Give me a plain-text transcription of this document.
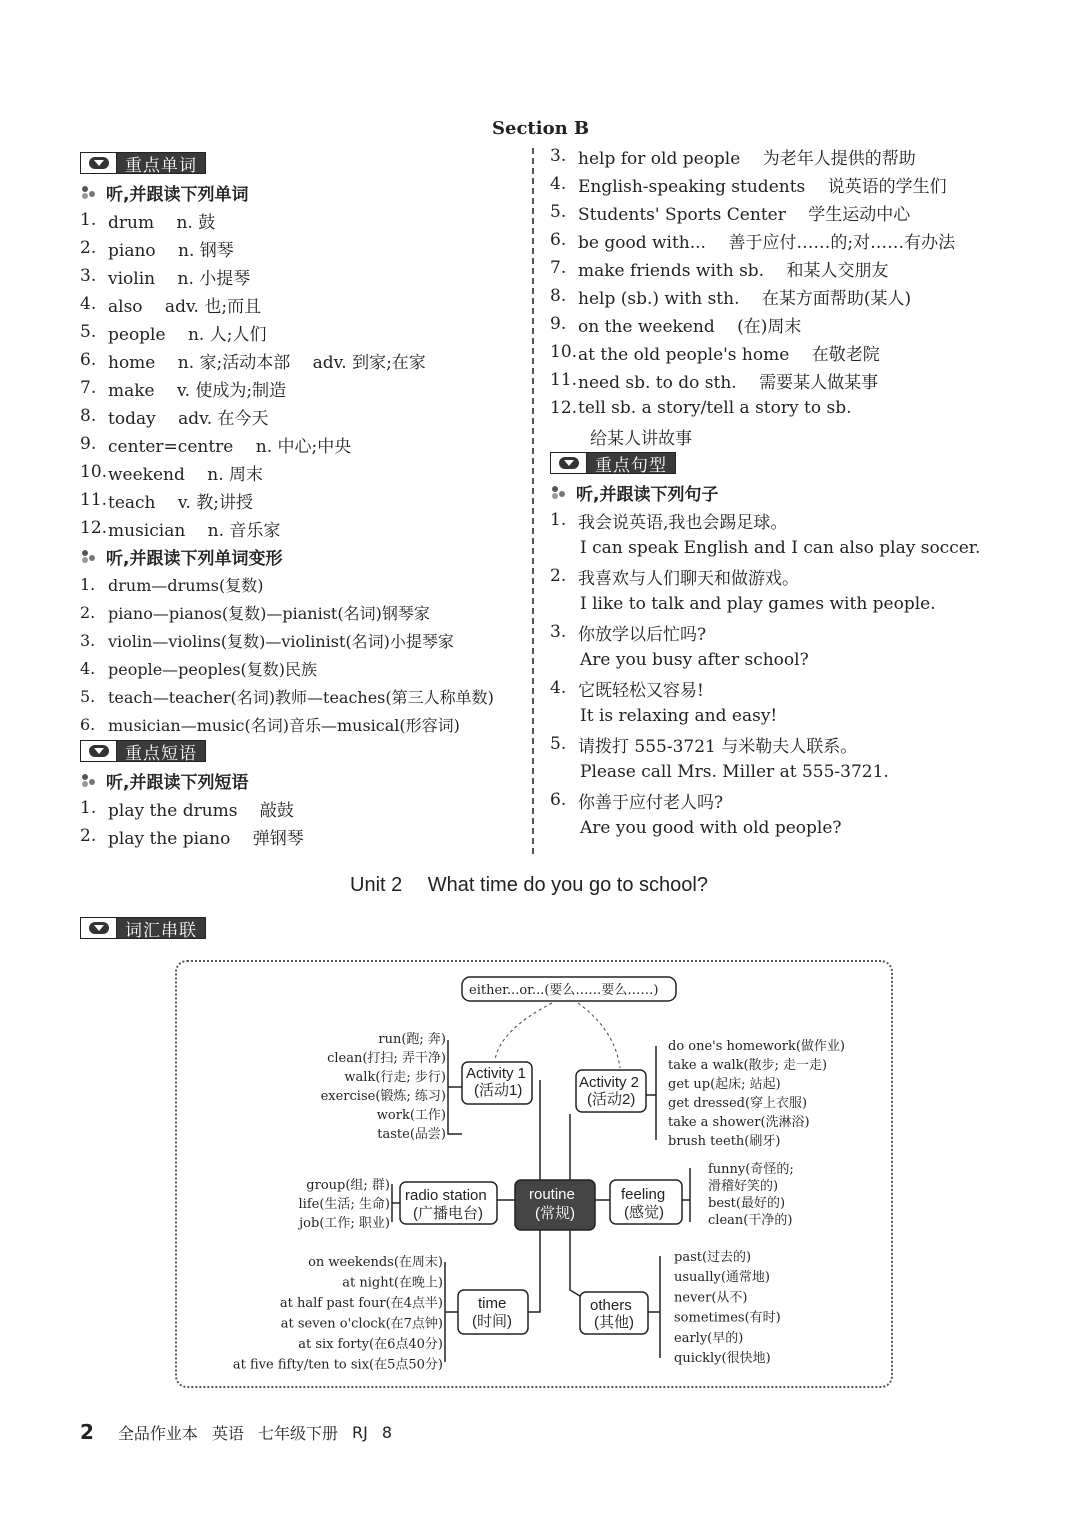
Section B
重点单词
听,并跟读下列单词
1. drum　 n. 鼓
2. piano　 n. 钢琴
3. violin　 n. 小提琴
4. also　 adv. 也;而且
5. people　 n. 人;人们
6. home　 n. 家;活动本部　 adv. 到家;在家
7. make　 v. 使成为;制造
8. today　 adv. 在今天
9. center=centre　 n. 中心;中央
10. weekend　 n. 周末
11. teach　 v. 教;讲授
12. musician　 n. 音乐家
听,并跟读下列单词变形
1. drum—drums(复数)
2. piano—pianos(复数)—pianist(名词)钢琴家
3. violin—violins(复数)—violinist(名词)小提琴家
4. people—peoples(复数)民族
5. teach—teacher(名词)教师—teaches(第三人称单数)
6. musician—music(名词)音乐—musical(形容词)
重点短语
听,并跟读下列短语
1. play the drums　 敲鼓
2. play the piano　 弹钢琴
3. help for old people　 为老年人提供的帮助
4. English-speaking students　 说英语的学生们
5. Students' Sports Center　 学生运动中心
6. be good with...　 善于应付……的;对……有办法
7. make friends with sb.　 和某人交朋友
8. help (sb.) with sth.　 在某方面帮助(某人)
9. on the weekend　 (在)周末
10. at the old people's home　 在敬老院
11. need sb. to do sth.　 需要某人做某事
12. tell sb. a story/tell a story to sb.
给某人讲故事
重点句型
听,并跟读下列句子
1. 我会说英语,我也会踢足球。
I can speak English and I can also play soccer.
2. 我喜欢与人们聊天和做游戏。
I like to talk and play games with people.
3. 你放学以后忙吗?
Are you busy after school?
4. 它既轻松又容易!
It is relaxing and easy!
5. 请拨打 555-3721 与米勒夫人联系。
Please call Mrs. Miller at 555-3721.
6. 你善于应付老人吗?
Are you good with old people?
Unit 2　 What time do you go to school?
词汇串联
either...or...(要么……要么……)
Activity 1
(活动1)	Activity 2
(活动2)
routine
(常规)
radio station
(广播电台)
feeling
(感觉)
time
(时间)
others
(其他)
run(跑; 奔)
clean(打扫; 弄干净)
walk(行走; 步行)
exercise(锻炼; 练习)
work(工作)
taste(品尝)
do one's homework(做作业)
take a walk(散步; 走一走)
get up(起床; 站起)
get dressed(穿上衣服)
take a shower(洗淋浴)
brush teeth(刷牙)
group(组; 群)
life(生活; 生命)
job(工作; 职业)
funny(奇怪的;
滑稽好笑的)
best(最好的)
clean(干净的)
on weekends(在周末)
at night(在晚上)
at half past four(在4点半)
at seven o'clock(在7点钟)
at six forty(在6点40分)
at five fifty/ten to six(在5点50分)
past(过去的)
usually(通常地)
never(从不)
sometimes(有时)
early(早的)
quickly(很快地)
2 全品作业本 英语 七年级下册 RJ 8
